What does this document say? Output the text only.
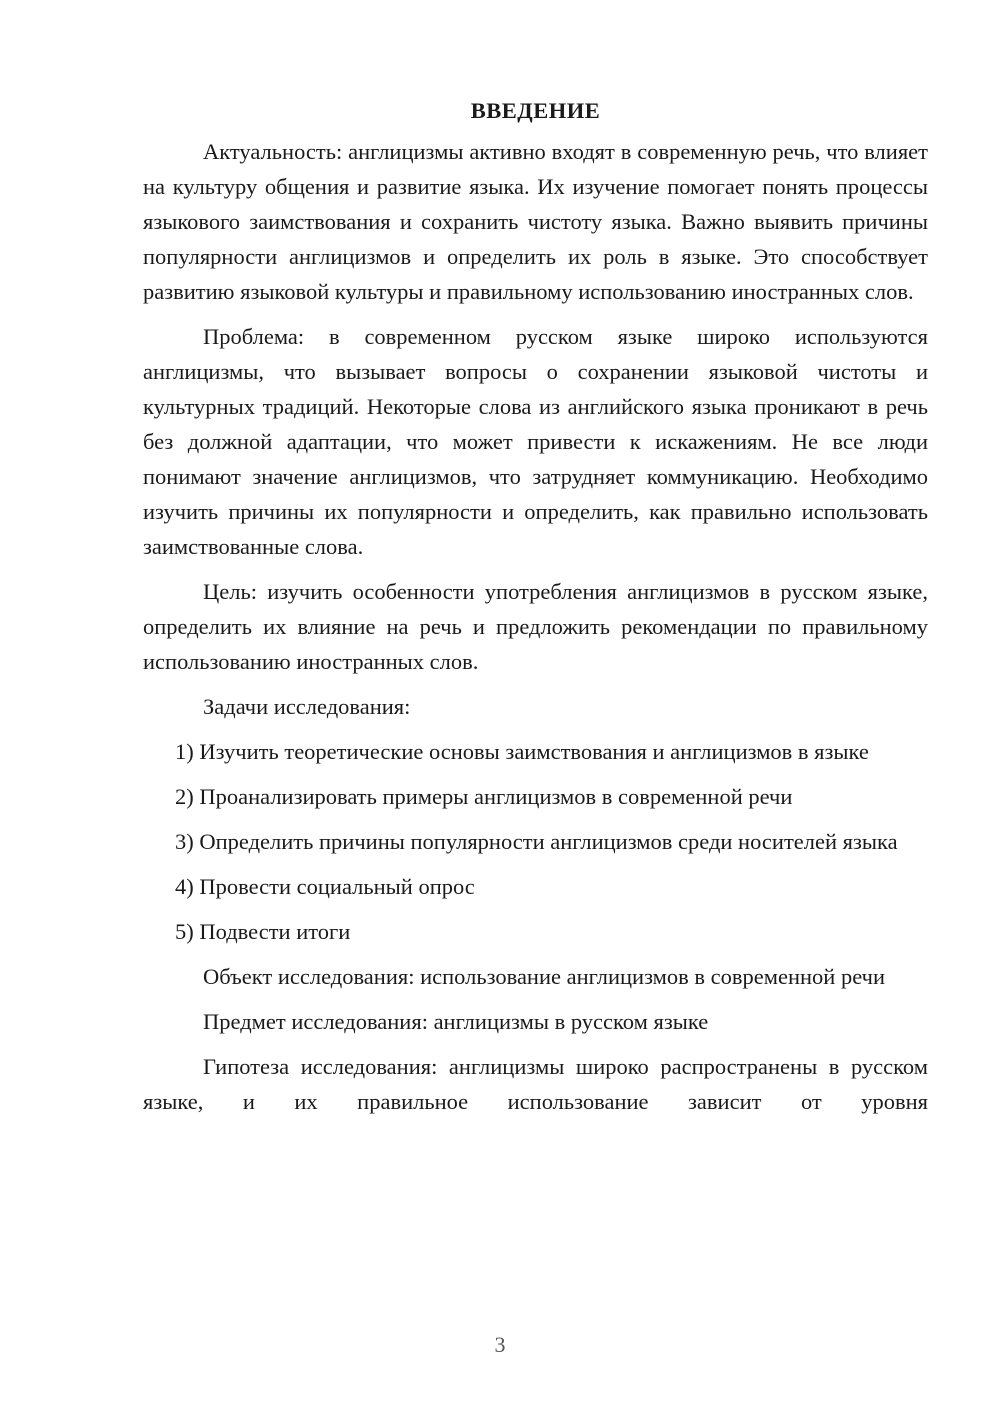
ВВЕДЕНИЕ

Актуальность: англицизмы активно входят в современную речь, что влияет на культуру общения и развитие языка. Их изучение помогает понять процессы языкового заимствования и сохранить чистоту языка. Важно выявить причины популярности англицизмов и определить их роль в языке. Это способствует развитию языковой культуры и правильному использованию иностранных слов.

Проблема: в современном русском языке широко используются англицизмы, что вызывает вопросы о сохранении языковой чистоты и культурных традиций. Некоторые слова из английского языка проникают в речь без должной адаптации, что может привести к искажениям. Не все люди понимают значение англицизмов, что затрудняет коммуникацию. Необходимо изучить причины их популярности и определить, как правильно использовать заимствованные слова.

Цель: изучить особенности употребления англицизмов в русском языке, определить их влияние на речь и предложить рекомендации по правильному использованию иностранных слов.

Задачи исследования:

1) Изучить теоретические основы заимствования и англицизмов в языке

2) Проанализировать примеры англицизмов в современной речи

3) Определить причины популярности англицизмов среди носителей языка

4) Провести социальный опрос

5) Подвести итоги

Объект исследования: использование англицизмов в современной речи

Предмет исследования: англицизмы в русском языке

Гипотеза исследования: англицизмы широко распространены в русском языке, и их правильное использование зависит от уровня

3
